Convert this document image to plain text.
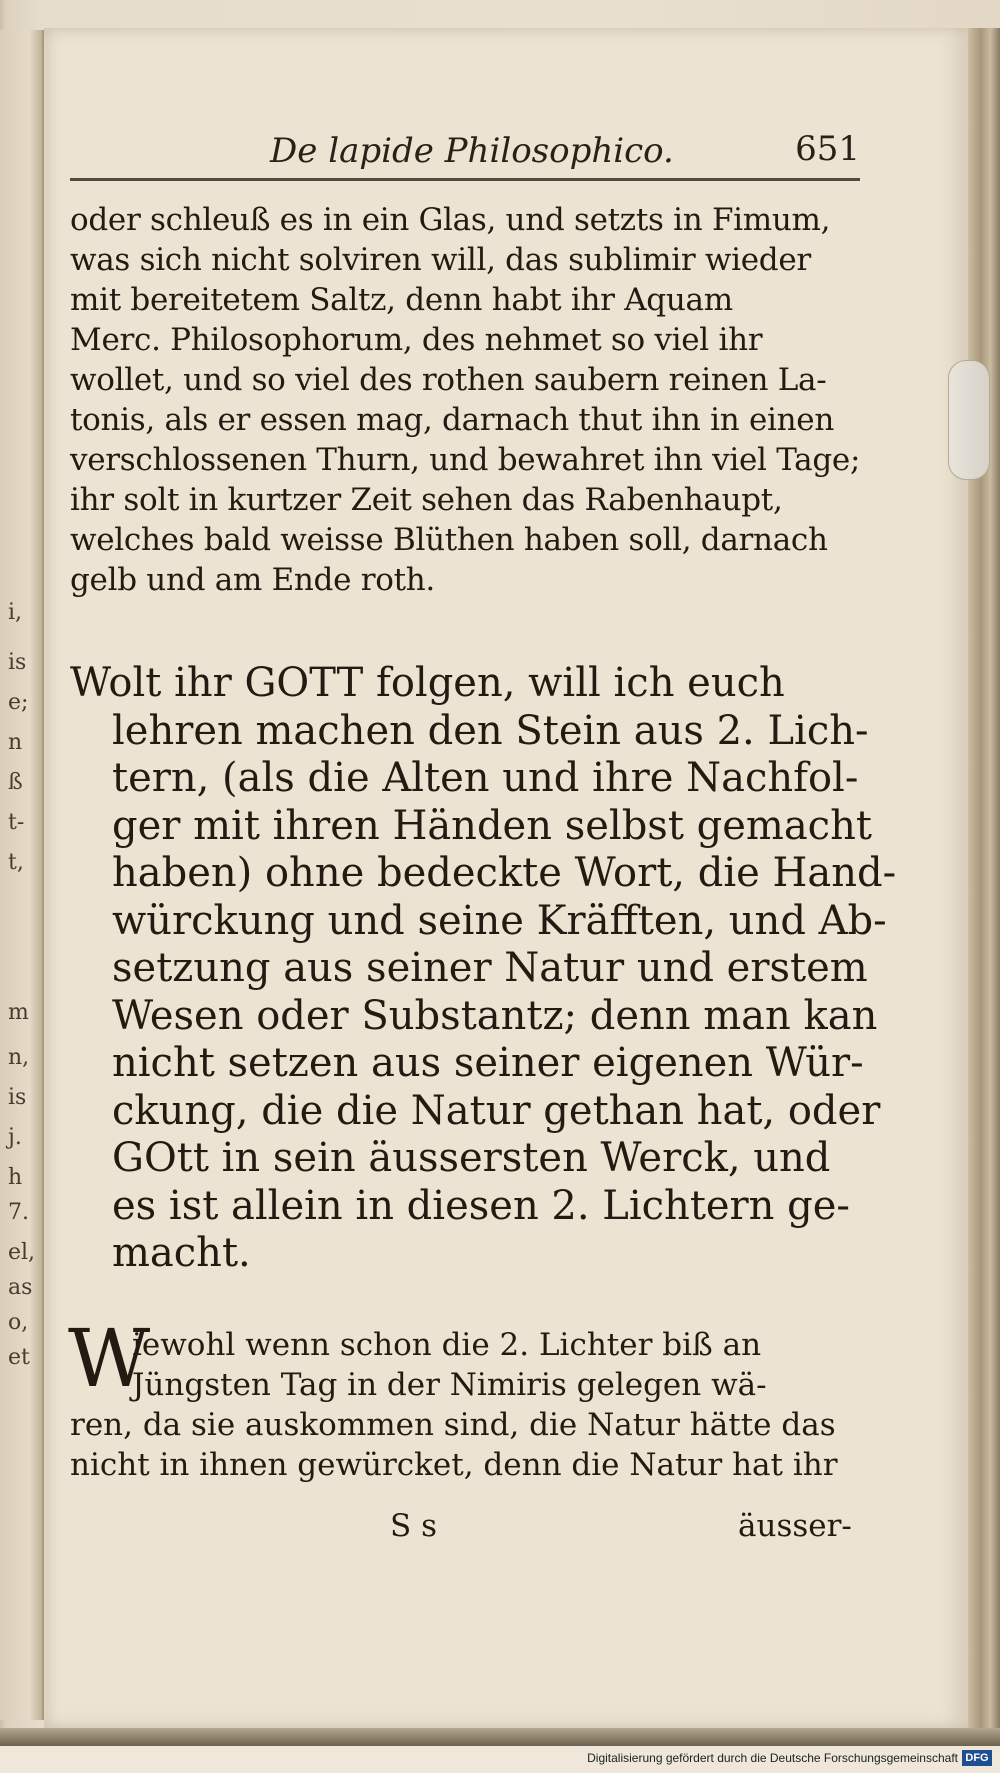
i,
is
e;
n
ß
t-
t,
m
n,
is
j.
h
7.
el,
as
o,
et
De lapide Philosophico.	651
oder schleuß es in ein Glas, und setzts in Fimum,
was sich nicht solviren will, das sublimir wieder
mit bereitetem Saltz, denn habt ihr Aquam
Merc. Philosophorum, des nehmet so viel ihr
wollet, und so viel des rothen saubern reinen La-
tonis, als er essen mag, darnach thut ihn in einen
verschlossenen Thurn, und bewahret ihn viel Tage;
ihr solt in kurtzer Zeit sehen das Rabenhaupt,
welches bald weisse Blüthen haben soll, darnach
gelb und am Ende roth.
Wolt ihr GOTT folgen, will ich euch
lehren machen den Stein aus 2. Lich-
tern, (als die Alten und ihre Nachfol-
ger mit ihren Händen selbst gemacht
haben) ohne bedeckte Wort, die Hand-
würckung und seine Kräfften, und Ab-
setzung aus seiner Natur und erstem
Wesen oder Substantz; denn man kan
nicht setzen aus seiner eigenen Wür-
ckung, die die Natur gethan hat, oder
GOtt in sein äussersten Werck, und
es ist allein in diesen 2. Lichtern ge-
macht.
W
iewohl wenn schon die 2. Lichter biß an
Jüngsten Tag in der Nimiris gelegen wä-
ren, da sie auskommen sind, die Natur hätte das
nicht in ihnen gewürcket, denn die Natur hat ihr
S s	äusser-
Digitalisierung gefördert durch die Deutsche Forschungsgemeinschaft DFG
